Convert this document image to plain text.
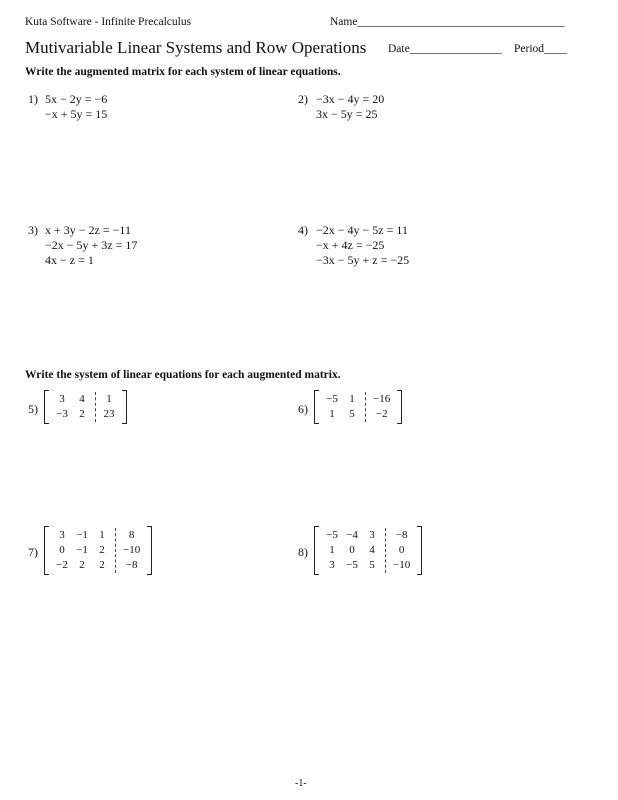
Kuta Software - Infinite Precalculus	Name____________________________________
Mutivariable Linear Systems and Row Operations Date________________ Period____
Write the augmented matrix for each system of linear equations.
1) 5x − 2y = −6
−x + 5y = 15
2) −3x − 4y = 20
3x − 5y = 25
3) x + 3y − 2z = −11
−2x − 5y + 3z = 17
4x − z = 1
4) −2x − 4y − 5z = 11
−x + 4z = −25
−3x − 5y + z = −25
Write the system of linear equations for each augmented matrix.
5)
3
−3
4
2
1
23	6)
−5
1
1
5
−16
−2
7)
3
0
−2
−1
−1
2
1
2
2
8
−10
−8
8)
−5
1
3
−4
0
−5
3
4
5
−8
0
−10
-1-
